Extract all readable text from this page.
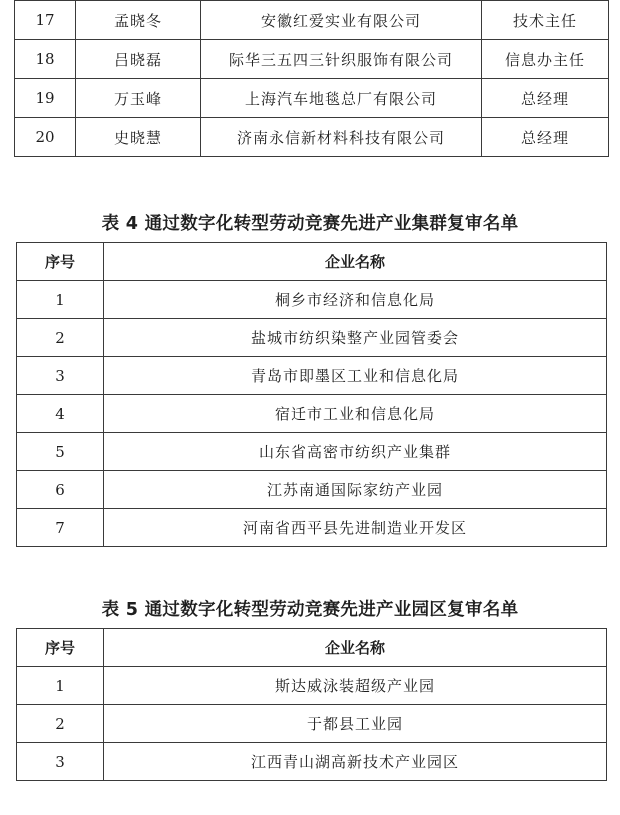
17	孟晓冬	安徽红爱实业有限公司	技术主任
18	吕晓磊	际华三五四三针织服饰有限公司	信息办主任
19	万玉峰	上海汽车地毯总厂有限公司	总经理
20	史晓慧	济南永信新材料科技有限公司	总经理
表 4 通过数字化转型劳动竞赛先进产业集群复审名单
序号	企业名称
1	桐乡市经济和信息化局
2	盐城市纺织染整产业园管委会
3	青岛市即墨区工业和信息化局
4	宿迁市工业和信息化局
5	山东省高密市纺织产业集群
6	江苏南通国际家纺产业园
7	河南省西平县先进制造业开发区
表 5 通过数字化转型劳动竞赛先进产业园区复审名单
序号	企业名称
1	斯达威泳装超级产业园
2	于都县工业园
3	江西青山湖高新技术产业园区
